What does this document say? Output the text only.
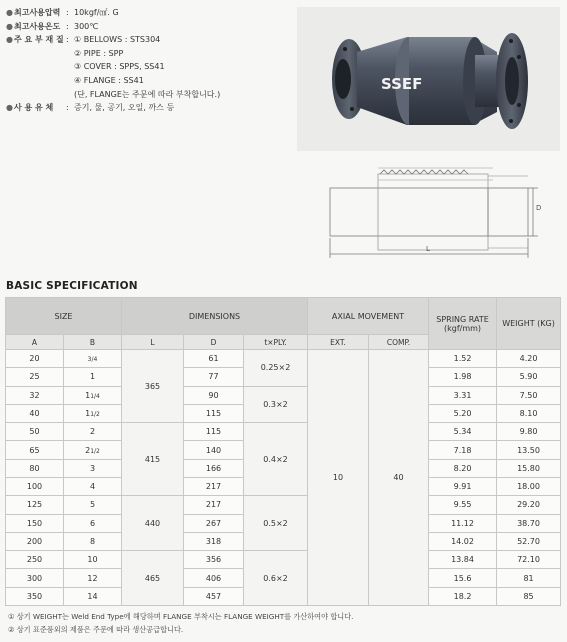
● 최고사용압력 : 10kgf/㎠. G
● 최고사용온도 : 300℃
● 주 요 부 재 질 : ① BELLOWS : STS304
② PIPE : SPP
③ COVER : SPPS, SS41
④ FLANGE : SS41
(단, FLANGE는 주문에 따라 부착합니다.)
● 사 용 유 체	: 증기, 물, 공기, 오일, 까스 등
SSEF
L
D
BASIC SPECIFICATION
SIZE		DIMENSIONS			AXIAL MOVEMENT		SPRING RATE (kgf/mm)	WEIGHT (KG)
A	B	L	D	t×PLY.	EXT.	COMP.		
20	3/4	365	61	0.25×2	10	40	1.52	4.20
25	1		77				1.98	5.90
32	11/4		90	0.3×2			3.31	7.50
40	11/2		115				5.20	8.10
50	2	415	115	0.4×2			5.34	9.80
65	21/2		140				7.18	13.50
80	3		166				8.20	15.80
100	4		217				9.91	18.00
125	5	440	217	0.5×2			9.55	29.20
150	6		267				11.12	38.70
200	8		318				14.02	52.70
250	10	465	356	0.6×2			13.84	72.10
300	12		406				15.6	81
350	14		457				18.2	85
① 상기 WEIGHT는 Weld End Type에 해당하며 FLANGE 부착시는 FLANGE WEIGHT를 가산하여야 합니다.
② 상기 표준품외의 제품은 주문에 따라 생산공급합니다.
